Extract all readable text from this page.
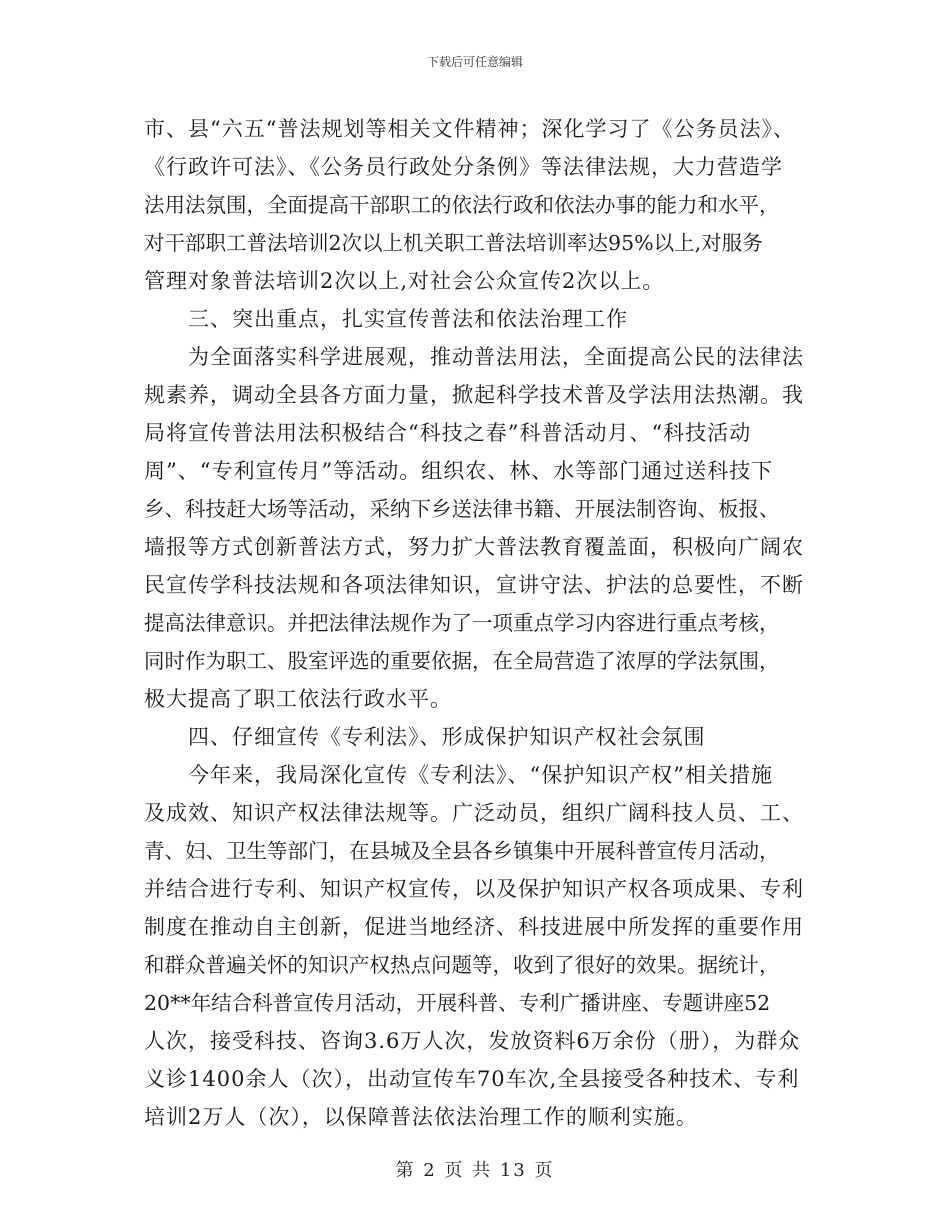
下载后可任意编辑
市、县“六五“普法规划等相关文件精神；深化学习了《公务员法》、
《行政许可法》、《公务员行政处分条例》等法律法规，大力营造学
法用法氛围，全面提高干部职工的依法行政和依法办事的能力和水平，
对干部职工普法培训2次以上机关职工普法培训率达95%以上,对服务
管理对象普法培训2次以上,对社会公众宣传2次以上。
　　三、突出重点，扎实宣传普法和依法治理工作
　　为全面落实科学进展观，推动普法用法，全面提高公民的法律法
规素养，调动全县各方面力量，掀起科学技术普及学法用法热潮。我
局将宣传普法用法积极结合“科技之春”科普活动月、“科技活动
周”、“专利宣传月”等活动。组织农、林、水等部门通过送科技下
乡、科技赶大场等活动，采纳下乡送法律书籍、开展法制咨询、板报、
墙报等方式创新普法方式，努力扩大普法教育覆盖面，积极向广阔农
民宣传学科技法规和各项法律知识，宣讲守法、护法的总要性，不断
提高法律意识。并把法律法规作为了一项重点学习内容进行重点考核，
同时作为职工、股室评选的重要依据，在全局营造了浓厚的学法氛围，
极大提高了职工依法行政水平。
　　四、仔细宣传《专利法》、形成保护知识产权社会氛围
　　今年来，我局深化宣传《专利法》、“保护知识产权”相关措施
及成效、知识产权法律法规等。广泛动员，组织广阔科技人员、工、
青、妇、卫生等部门，在县城及全县各乡镇集中开展科普宣传月活动，
并结合进行专利、知识产权宣传，以及保护知识产权各项成果、专利
制度在推动自主创新，促进当地经济、科技进展中所发挥的重要作用
和群众普遍关怀的知识产权热点问题等，收到了很好的效果。据统计，
20**年结合科普宣传月活动，开展科普、专利广播讲座、专题讲座52
人次，接受科技、咨询3.6万人次，发放资料6万余份（册），为群众
义诊1400余人（次），出动宣传车70车次,全县接受各种技术、专利
培训2万人（次），以保障普法依法治理工作的顺利实施。
第 2 页 共 13 页
